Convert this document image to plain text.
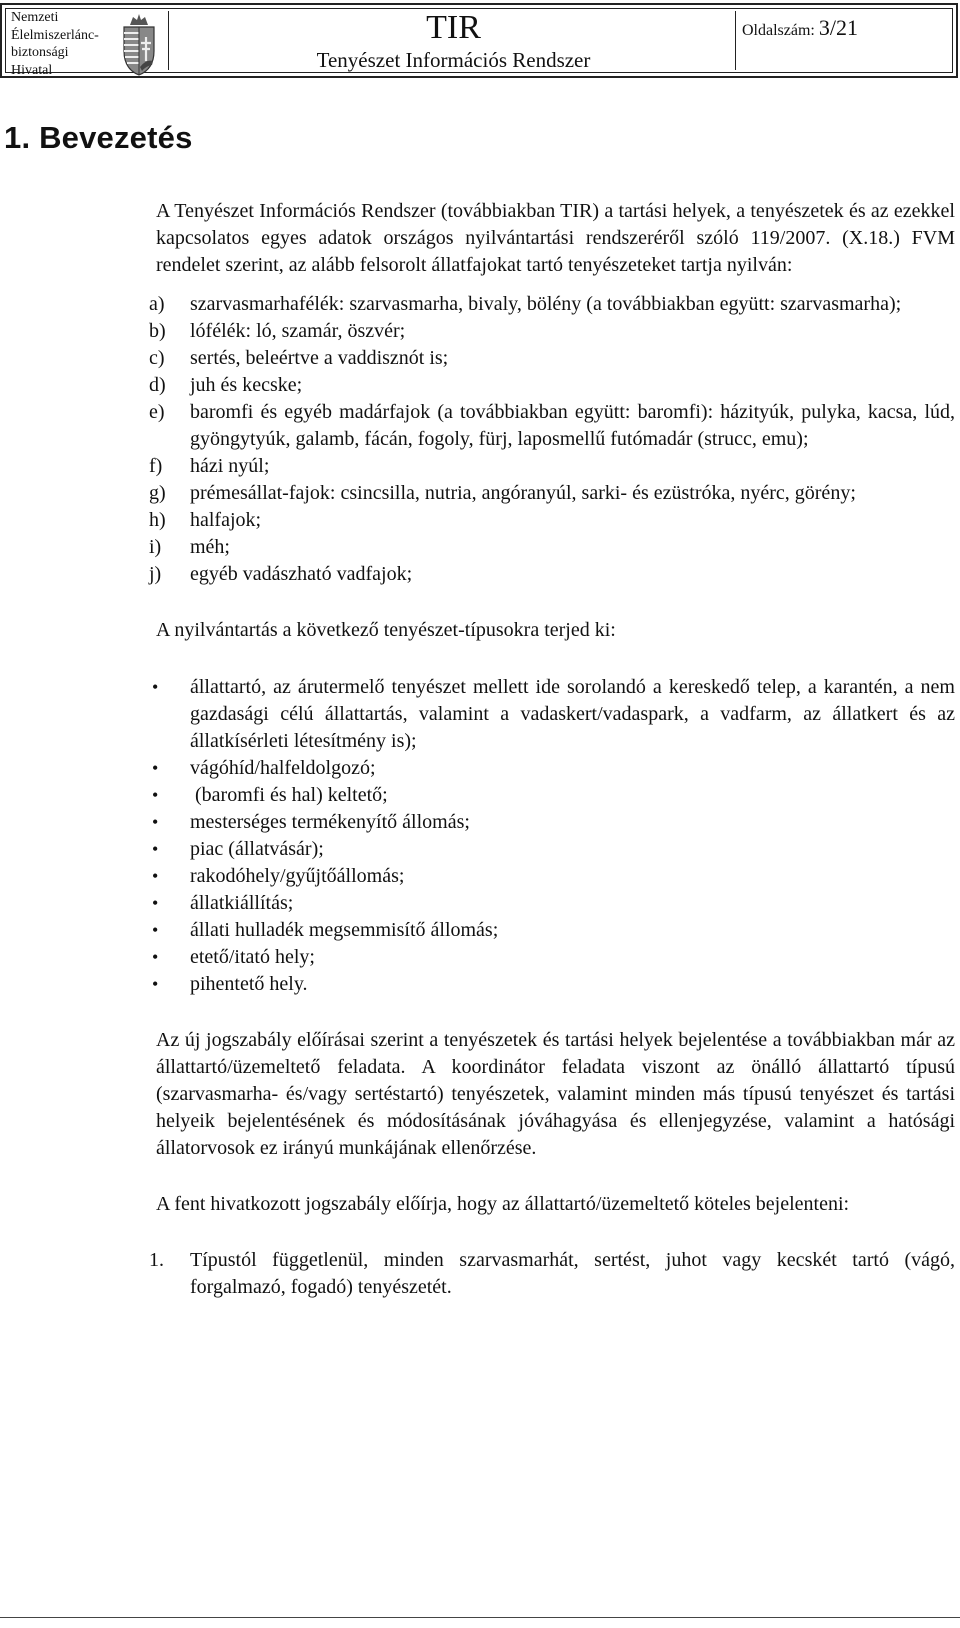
Nemzeti
Élelmiszerlánc-
biztonsági
Hivatal
TIR
Tenyészet Információs Rendszer
Oldalszám: 3/21
1. Bevezetés

A Tenyészet Információs Rendszer (továbbiakban TIR) a tartási helyek, a tenyészetek és az ezekkel kapcsolatos egyes adatok országos nyilvántartási rendszeréről szóló 119/2007. (X.18.) FVM rendelet szerint, az alább felsorolt állatfajokat tartó tenyészeteket tartja nyilván:

a) szarvasmarhafélék: szarvasmarha, bivaly, bölény (a továbbiakban együtt: szarvasmarha);
b) lófélék: ló, szamár, öszvér;
c) sertés, beleértve a vaddisznót is;
d) juh és kecske;
e) baromfi és egyéb madárfajok (a továbbiakban együtt: baromfi): házityúk, pulyka, kacsa, lúd, gyöngytyúk, galamb, fácán, fogoly, fürj, laposmellű futómadár (strucc, emu);
f) házi nyúl;
g) prémesállat-fajok: csincsilla, nutria, angóranyúl, sarki- és ezüstróka, nyérc, görény;
h) halfajok;
i) méh;
j) egyéb vadászható vadfajok;

A nyilvántartás a következő tenyészet-típusokra terjed ki:

• állattartó, az árutermelő tenyészet mellett ide sorolandó a kereskedő telep, a karantén, a nem gazdasági célú állattartás, valamint a vadaskert/vadaspark, a vadfarm, az állatkert és az állatkísérleti létesítmény is);
• vágóhíd/halfeldolgozó;
• (baromfi és hal) keltető;
• mesterséges termékenyítő állomás;
• piac (állatvásár);
• rakodóhely/gyűjtőállomás;
• állatkiállítás;
• állati hulladék megsemmisítő állomás;
• etető/itató hely;
• pihentető hely.

Az új jogszabály előírásai szerint a tenyészetek és tartási helyek bejelentése a továbbiakban már az állattartó/üzemeltető feladata. A koordinátor feladata viszont az önálló állattartó típusú (szarvasmarha- és/vagy sertéstartó) tenyészetek, valamint minden más típusú tenyészet és tartási helyeik bejelentésének és módosításának jóváhagyása és ellenjegyzése, valamint a hatósági állatorvosok ez irányú munkájának ellenőrzése.

A fent hivatkozott jogszabály előírja, hogy az állattartó/üzemeltető köteles bejelenteni:

1. Típustól függetlenül, minden szarvasmarhát, sertést, juhot vagy kecskét tartó (vágó, forgalmazó, fogadó) tenyészetét.
